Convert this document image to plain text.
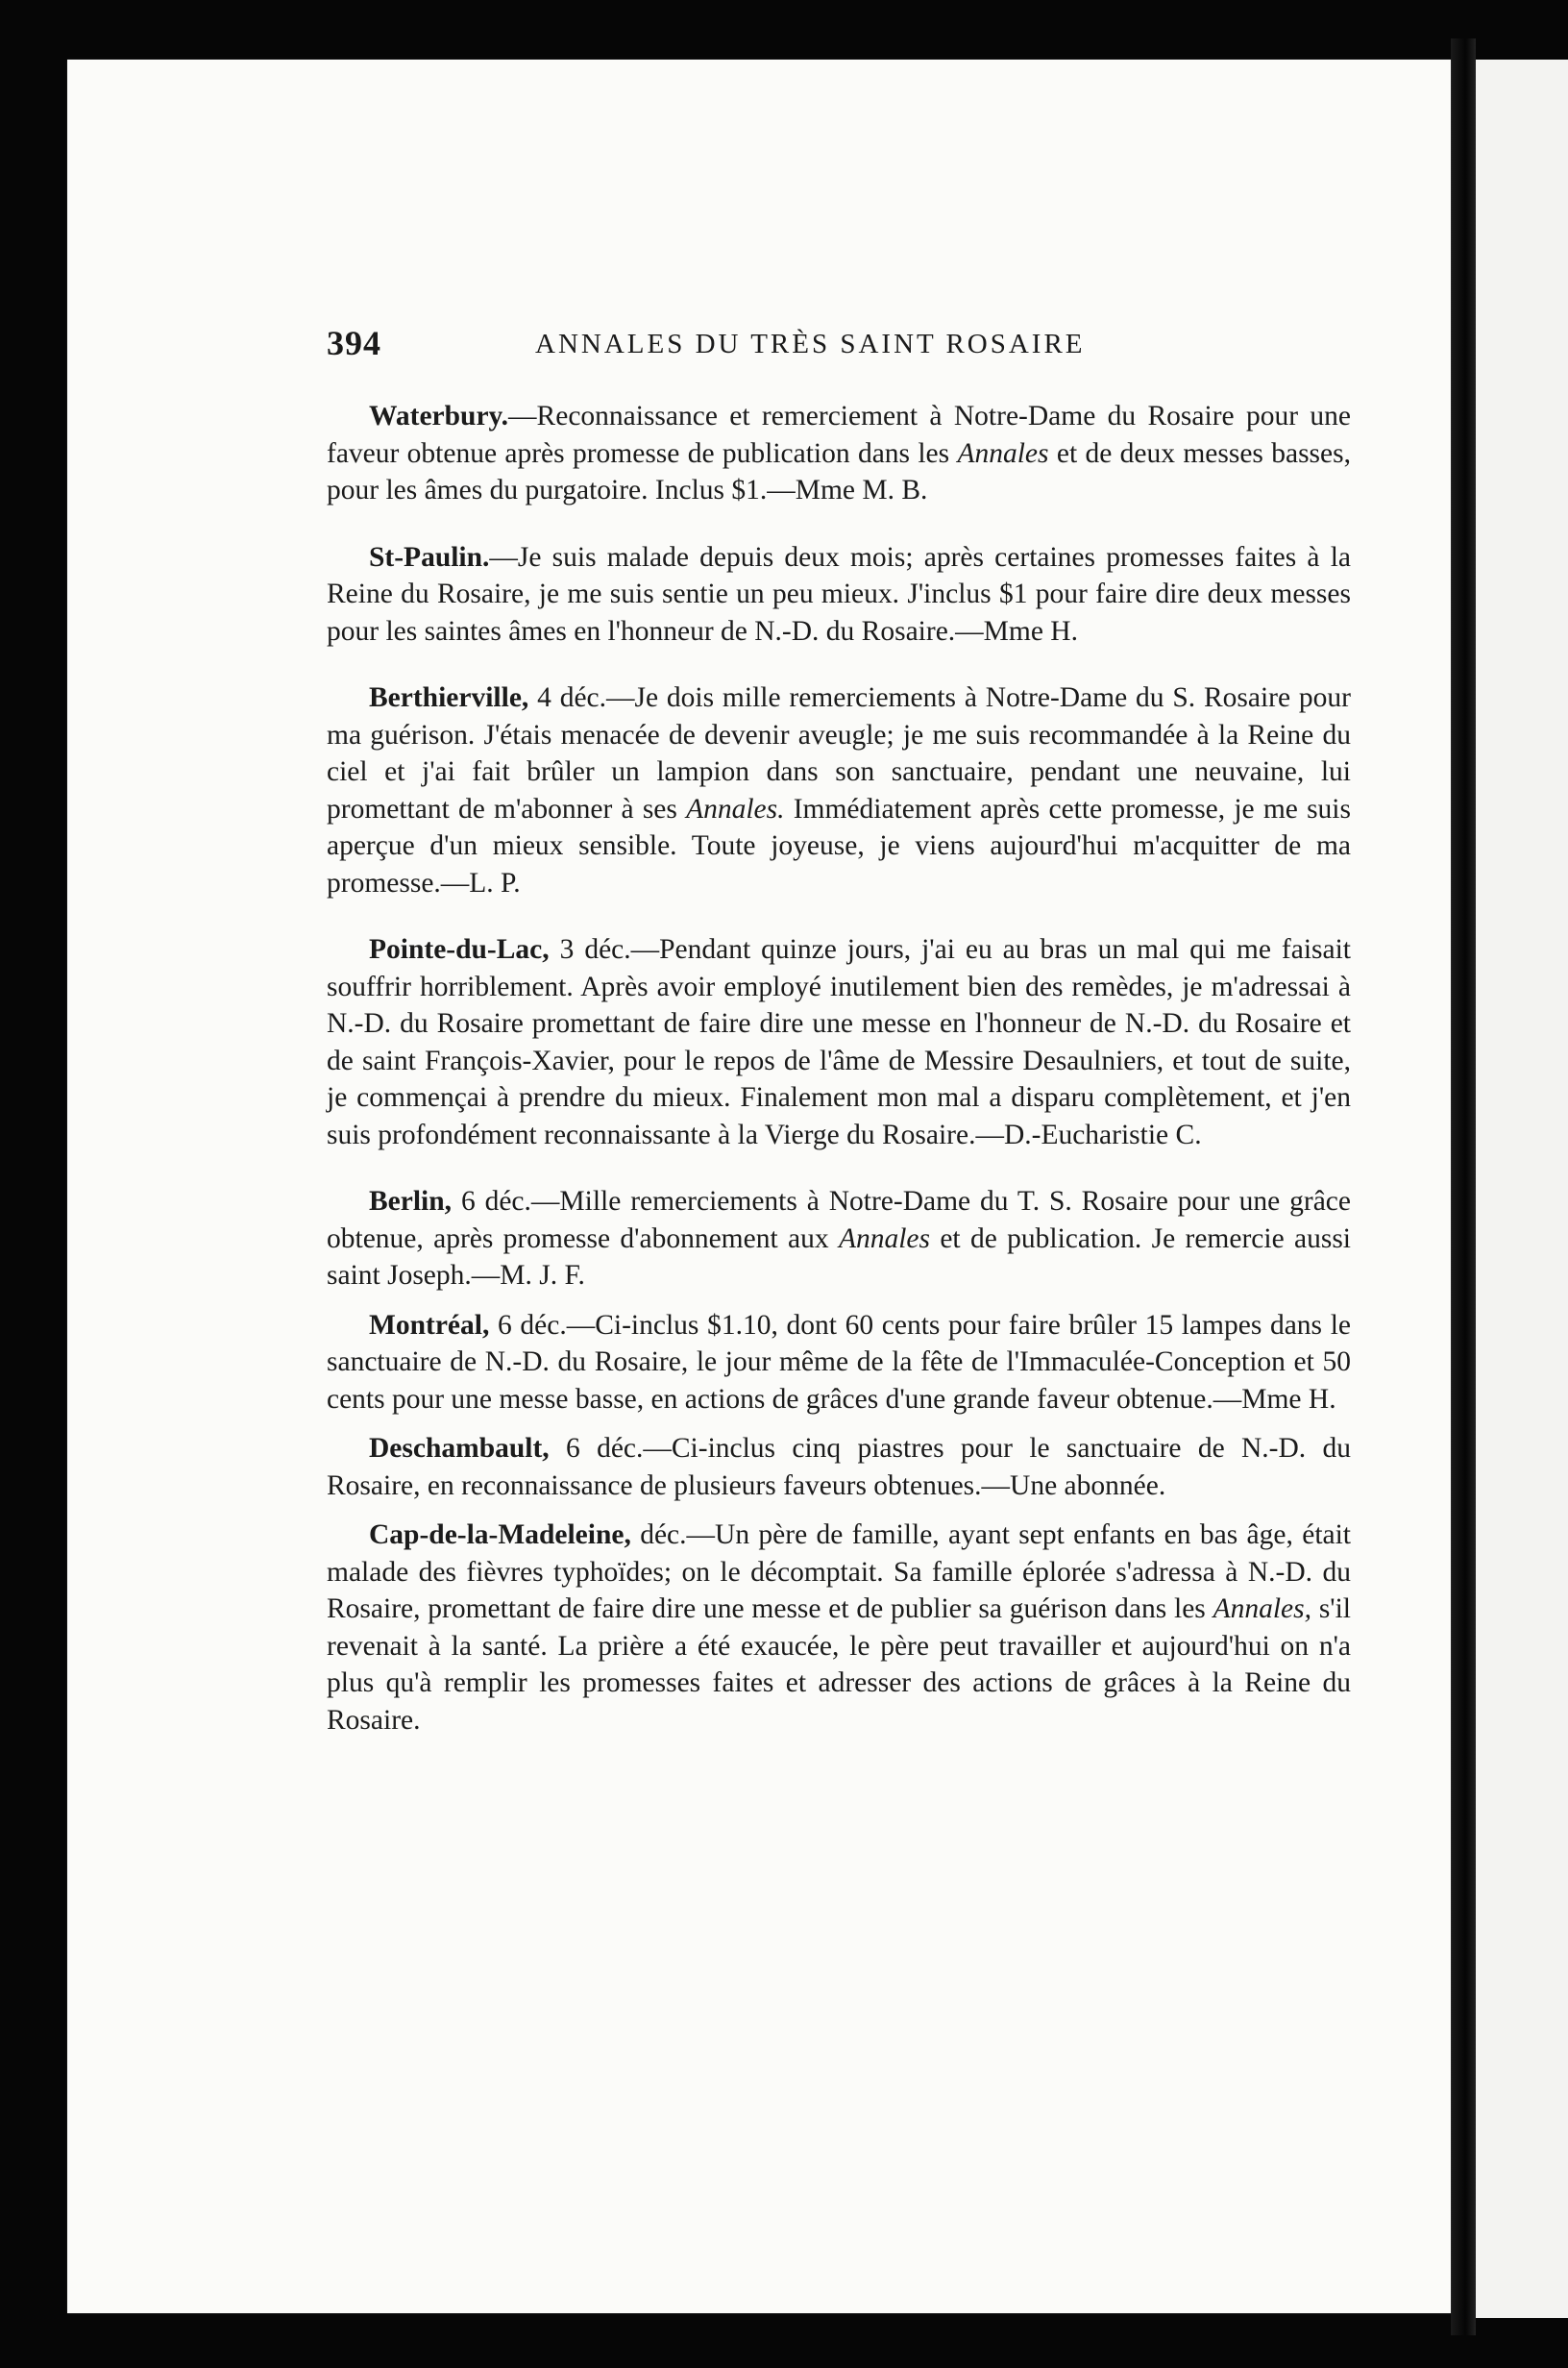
394	ANNALES DU TRÈS SAINT ROSAIRE

Waterbury.—Reconnaissance et remerciement à Notre-Dame du Rosaire pour une faveur obtenue après promesse de publication dans les Annales et de deux messes basses, pour les âmes du purgatoire. Inclus $1.—Mme M. B.

St-Paulin.—Je suis malade depuis deux mois; après certaines promesses faites à la Reine du Rosaire, je me suis sentie un peu mieux. J'inclus $1 pour faire dire deux messes pour les saintes âmes en l'honneur de N.-D. du Rosaire.—Mme H.

Berthierville, 4 déc.—Je dois mille remerciements à Notre-Dame du S. Rosaire pour ma guérison. J'étais menacée de devenir aveugle; je me suis recommandée à la Reine du ciel et j'ai fait brûler un lampion dans son sanctuaire, pendant une neuvaine, lui promettant de m'abonner à ses Annales. Immédiatement après cette promesse, je me suis aperçue d'un mieux sensible. Toute joyeuse, je viens aujourd'hui m'acquitter de ma promesse.—L. P.

Pointe-du-Lac, 3 déc.—Pendant quinze jours, j'ai eu au bras un mal qui me faisait souffrir horriblement. Après avoir employé inutilement bien des remèdes, je m'adressai à N.-D. du Rosaire promettant de faire dire une messe en l'honneur de N.-D. du Rosaire et de saint François-Xavier, pour le repos de l'âme de Messire Desaulniers, et tout de suite, je commençai à prendre du mieux. Finalement mon mal a disparu complètement, et j'en suis profondément reconnaissante à la Vierge du Rosaire.—D.-Eucharistie C.

Berlin, 6 déc.—Mille remerciements à Notre-Dame du T. S. Rosaire pour une grâce obtenue, après promesse d'abonnement aux Annales et de publication. Je remercie aussi saint Joseph.—M. J. F.

Montréal, 6 déc.—Ci-inclus $1.10, dont 60 cents pour faire brûler 15 lampes dans le sanctuaire de N.-D. du Rosaire, le jour même de la fête de l'Immaculée-Conception et 50 cents pour une messe basse, en actions de grâces d'une grande faveur obtenue.—Mme H.

Deschambault, 6 déc.—Ci-inclus cinq piastres pour le sanctuaire de N.-D. du Rosaire, en reconnaissance de plusieurs faveurs obtenues.—Une abonnée.

Cap-de-la-Madeleine, déc.—Un père de famille, ayant sept enfants en bas âge, était malade des fièvres typhoïdes; on le décomptait. Sa famille éplorée s'adressa à N.-D. du Rosaire, promettant de faire dire une messe et de publier sa guérison dans les Annales, s'il revenait à la santé. La prière a été exaucée, le père peut travailler et aujourd'hui on n'a plus qu'à remplir les promesses faites et adresser des actions de grâces à la Reine du Rosaire.
